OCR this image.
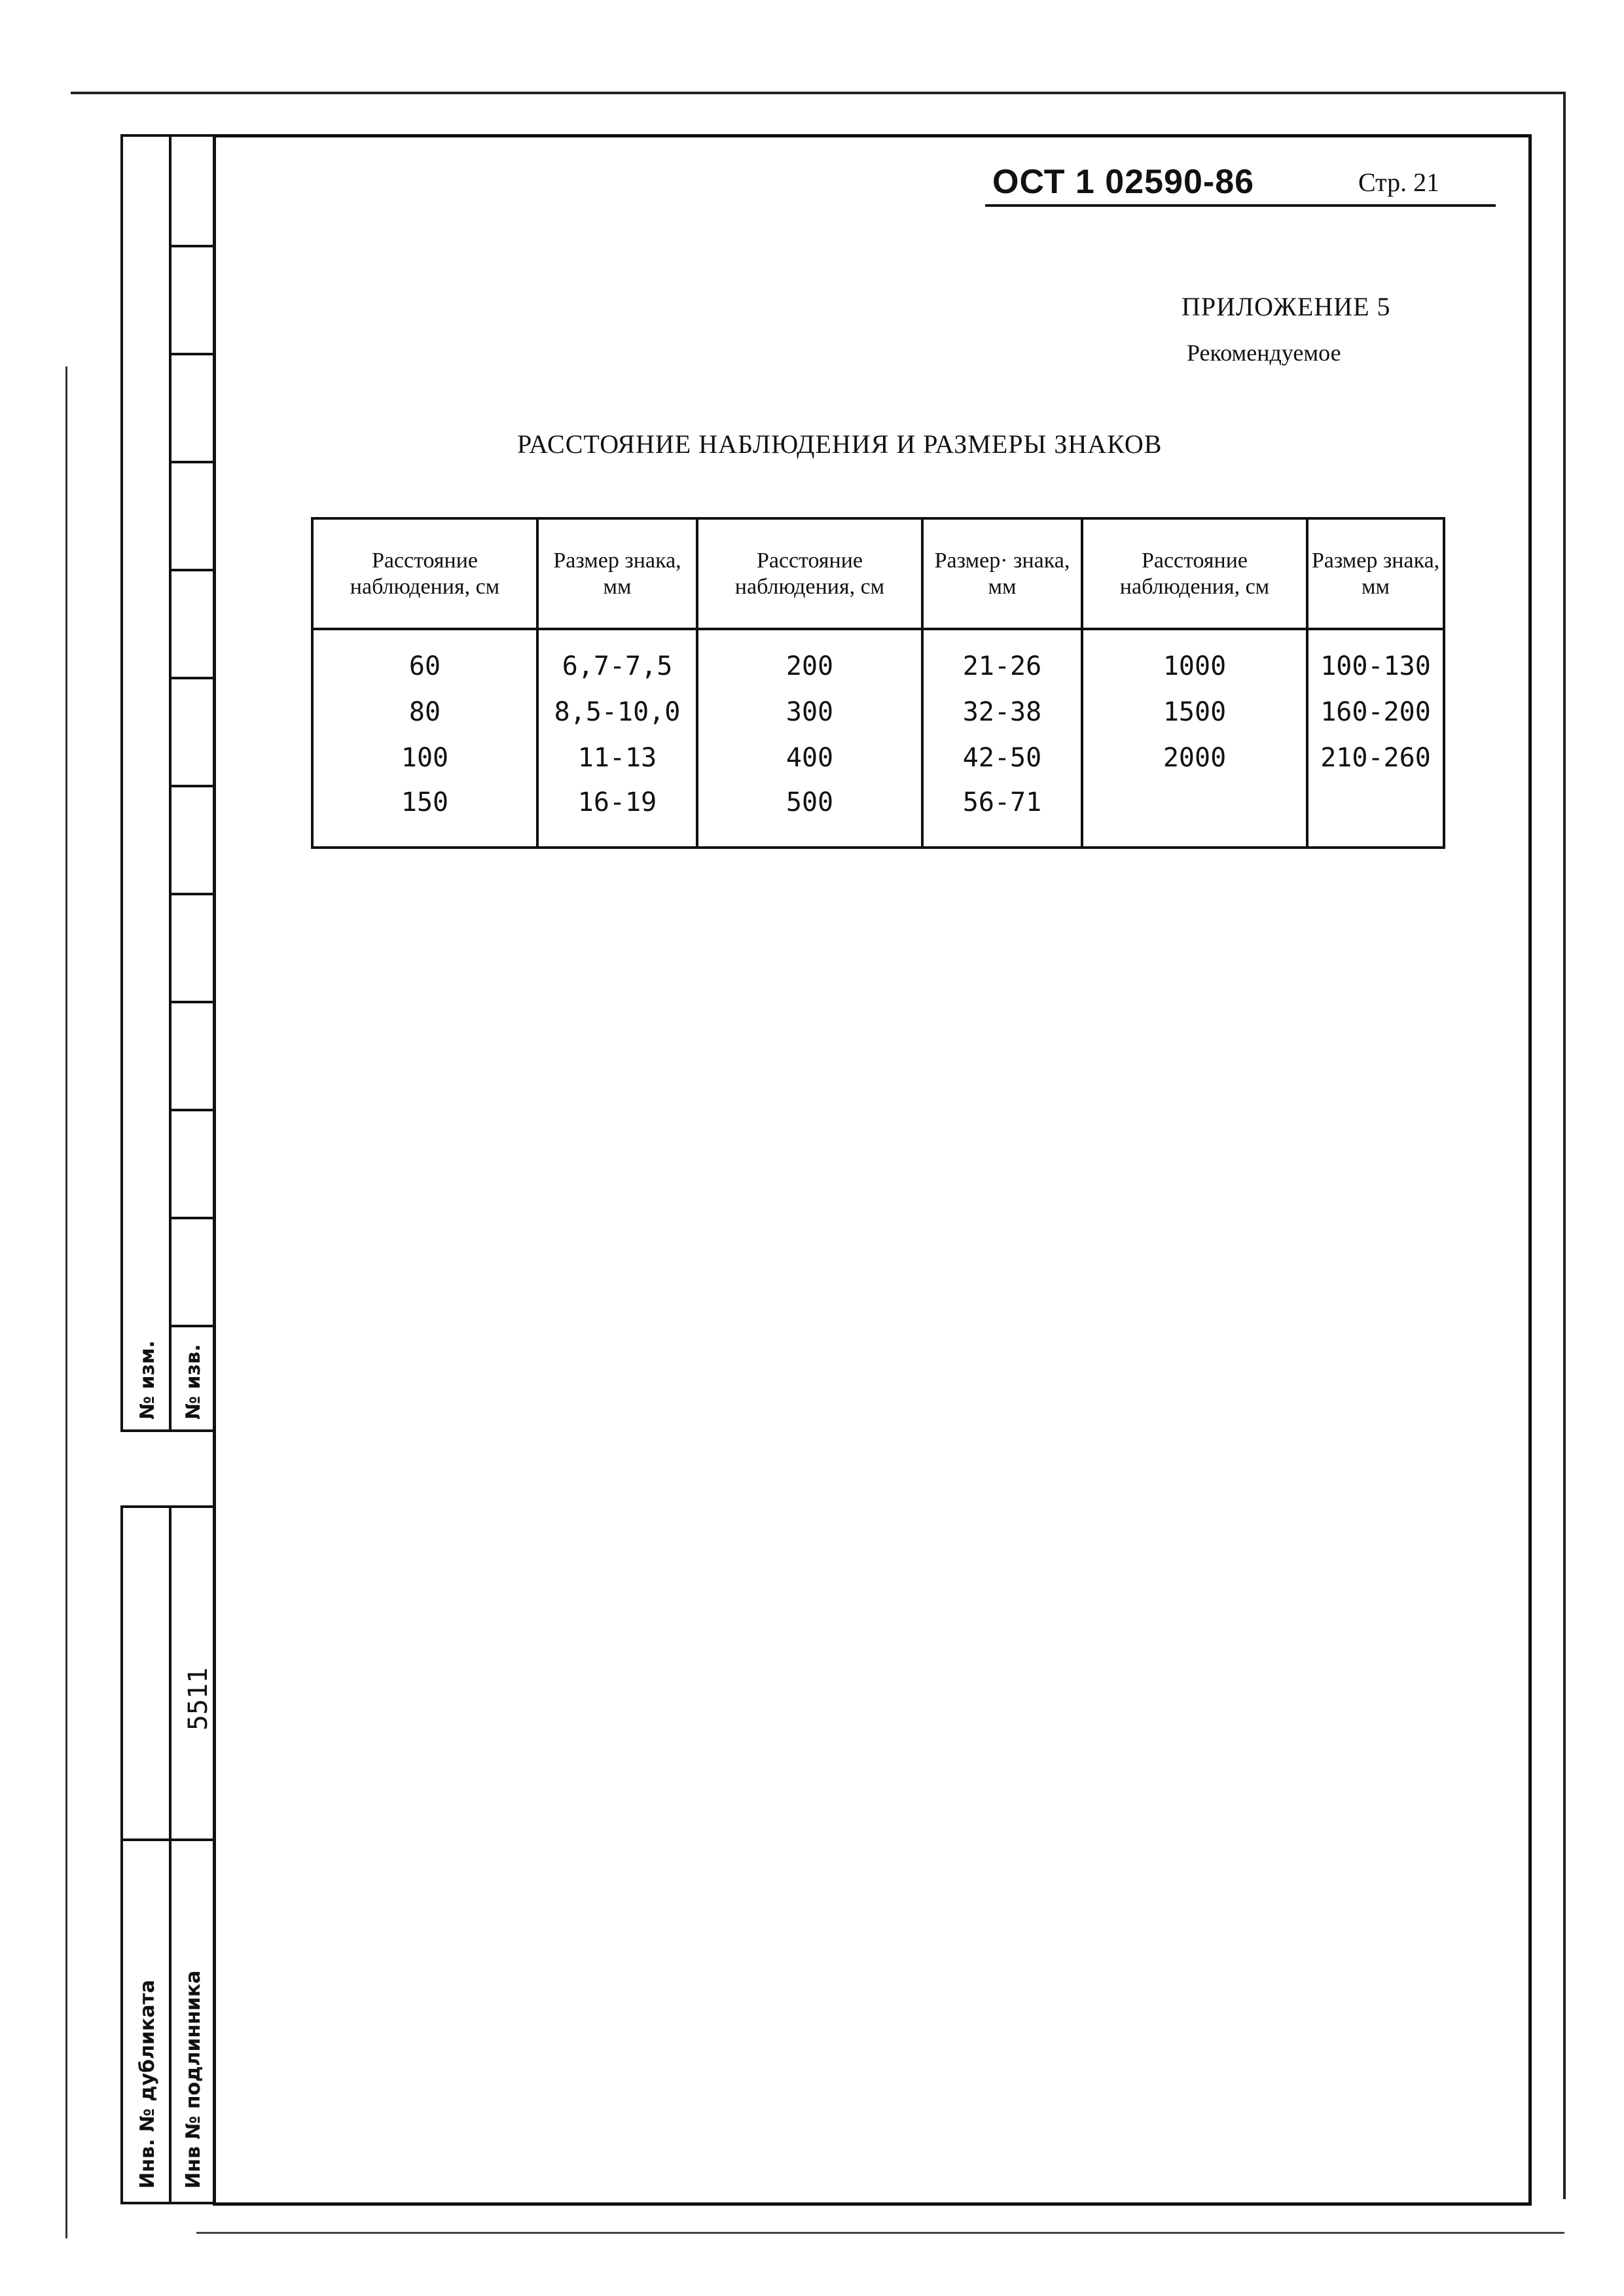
№ изм. № изв.
5511
Инв. № дубликата Инв № подлинника
ОСТ 1 02590-86	Стр. 21
ПРИЛОЖЕНИЕ 5
Рекомендуемое
РАССТОЯНИЕ НАБЛЮДЕНИЯ И РАЗМЕРЫ ЗНАКОВ
Расстояние наблюдения, см	Размер знака, мм	Расстояние наблюдения, см	Размер· знака, мм	Расстояние наблюдения, см	Размер знака, мм
60	6,7-7,5	200	21-26	1000	100-130
80	8,5-10,0	300	32-38	1500	160-200
100	11-13	400	42-50	2000	210-260
150	16-19	500	56-71		
